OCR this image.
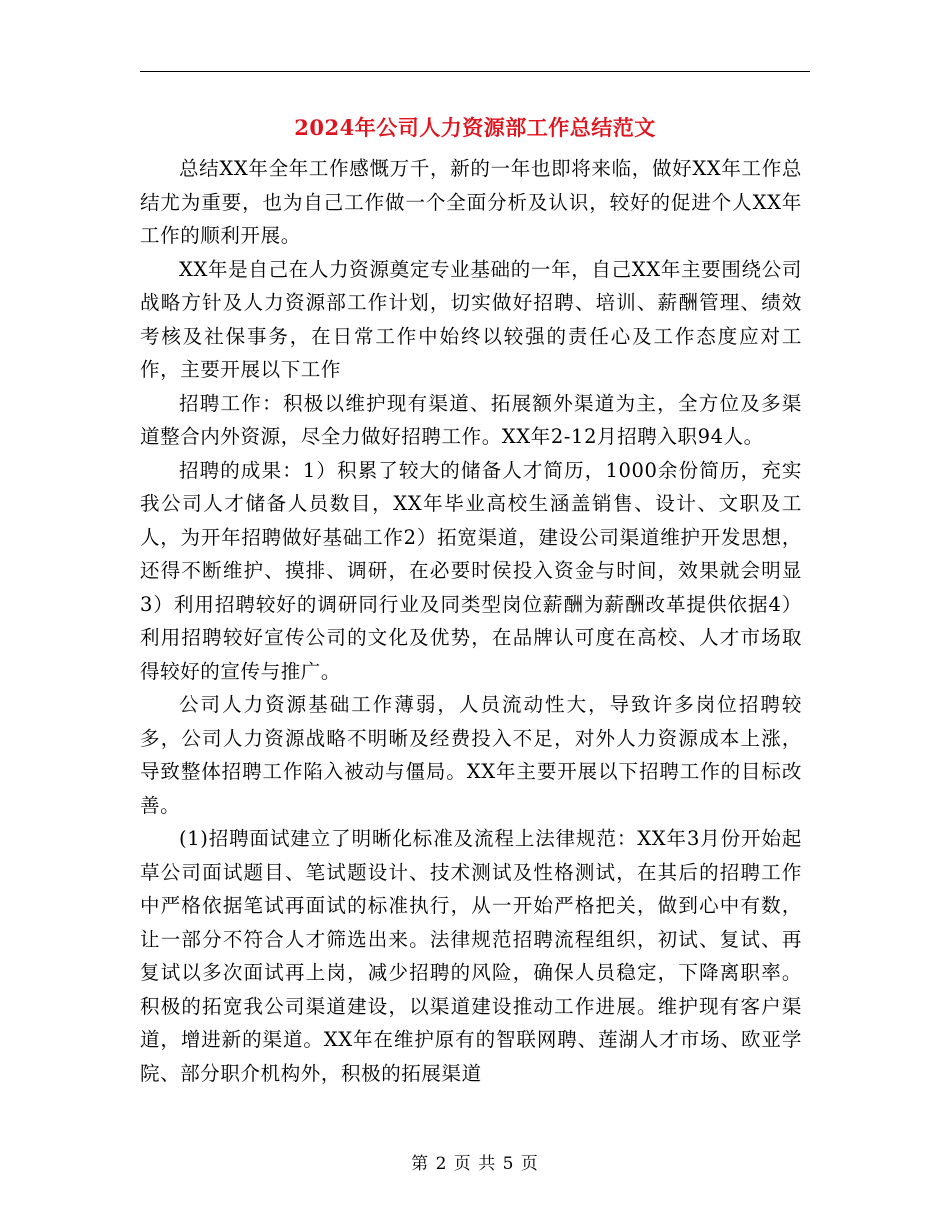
2024年公司人力资源部工作总结范文

总结XX年全年工作感慨万千，新的一年也即将来临，做好XX年工作总结尤为重要，也为自己工作做一个全面分析及认识，较好的促进个人XX年工作的顺利开展。

XX年是自己在人力资源奠定专业基础的一年，自己XX年主要围绕公司战略方针及人力资源部工作计划，切实做好招聘、培训、薪酬管理、绩效考核及社保事务，在日常工作中始终以较强的责任心及工作态度应对工作，主要开展以下工作

招聘工作：积极以维护现有渠道、拓展额外渠道为主，全方位及多渠道整合内外资源，尽全力做好招聘工作。XX年2-12月招聘入职94人。

招聘的成果：1）积累了较大的储备人才简历，1000余份简历，充实我公司人才储备人员数目，XX年毕业高校生涵盖销售、设计、文职及工人，为开年招聘做好基础工作2）拓宽渠道，建设公司渠道维护开发思想，还得不断维护、摸排、调研，在必要时侯投入资金与时间，效果就会明显3）利用招聘较好的调研同行业及同类型岗位薪酬为薪酬改革提供依据4）利用招聘较好宣传公司的文化及优势，在品牌认可度在高校、人才市场取得较好的宣传与推广。

公司人力资源基础工作薄弱，人员流动性大，导致许多岗位招聘较多，公司人力资源战略不明晰及经费投入不足，对外人力资源成本上涨，导致整体招聘工作陷入被动与僵局。XX年主要开展以下招聘工作的目标改善。

(1)招聘面试建立了明晰化标准及流程上法律规范：XX年3月份开始起草公司面试题目、笔试题设计、技术测试及性格测试，在其后的招聘工作中严格依据笔试再面试的标准执行，从一开始严格把关，做到心中有数，让一部分不符合人才筛选出来。法律规范招聘流程组织，初试、复试、再复试以多次面试再上岗，减少招聘的风险，确保人员稳定，下降离职率。积极的拓宽我公司渠道建设，以渠道建设推动工作进展。维护现有客户渠道，增进新的渠道。XX年在维护原有的智联网聘、莲湖人才市场、欧亚学院、部分职介机构外，积极的拓展渠道

第 2 页 共 5 页
